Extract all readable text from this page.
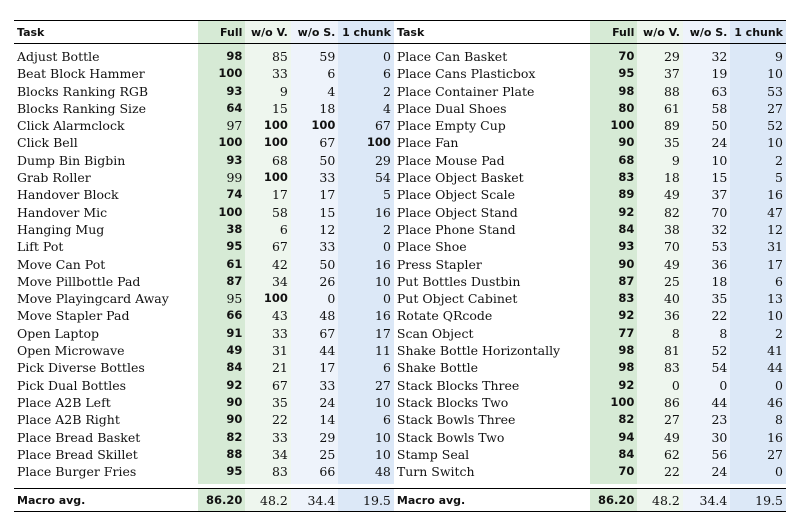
Task	Full	w/o V.	w/o S.	1 chunk	Task	Full	w/o V.	w/o S.	1 chunk
Adjust Bottle	98	85	59	0	Place Can Basket	70	29	32	9
Beat Block Hammer	100	33	6	6	Place Cans Plasticbox	95	37	19	10
Blocks Ranking RGB	93	9	4	2	Place Container Plate	98	88	63	53
Blocks Ranking Size	64	15	18	4	Place Dual Shoes	80	61	58	27
Click Alarmclock	97	100	100	67	Place Empty Cup	100	89	50	52
Click Bell	100	100	67	100	Place Fan	90	35	24	10
Dump Bin Bigbin	93	68	50	29	Place Mouse Pad	68	9	10	2
Grab Roller	99	100	33	54	Place Object Basket	83	18	15	5
Handover Block	74	17	17	5	Place Object Scale	89	49	37	16
Handover Mic	100	58	15	16	Place Object Stand	92	82	70	47
Hanging Mug	38	6	12	2	Place Phone Stand	84	38	32	12
Lift Pot	95	67	33	0	Place Shoe	93	70	53	31
Move Can Pot	61	42	50	16	Press Stapler	90	49	36	17
Move Pillbottle Pad	87	34	26	10	Put Bottles Dustbin	87	25	18	6
Move Playingcard Away	95	100	0	0	Put Object Cabinet	83	40	35	13
Move Stapler Pad	66	43	48	16	Rotate QRcode	92	36	22	10
Open Laptop	91	33	67	17	Scan Object	77	8	8	2
Open Microwave	49	31	44	11	Shake Bottle Horizontally	98	81	52	41
Pick Diverse Bottles	84	21	17	6	Shake Bottle	98	83	54	44
Pick Dual Bottles	92	67	33	27	Stack Blocks Three	92	0	0	0
Place A2B Left	90	35	24	10	Stack Blocks Two	100	86	44	46
Place A2B Right	90	22	14	6	Stack Bowls Three	82	27	23	8
Place Bread Basket	82	33	29	10	Stack Bowls Two	94	49	30	16
Place Bread Skillet	88	34	25	10	Stamp Seal	84	62	56	27
Place Burger Fries	95	83	66	48	Turn Switch	70	22	24	0

Macro avg.	86.20	48.2	34.4	19.5	Macro avg.	86.20	48.2	34.4	19.5
